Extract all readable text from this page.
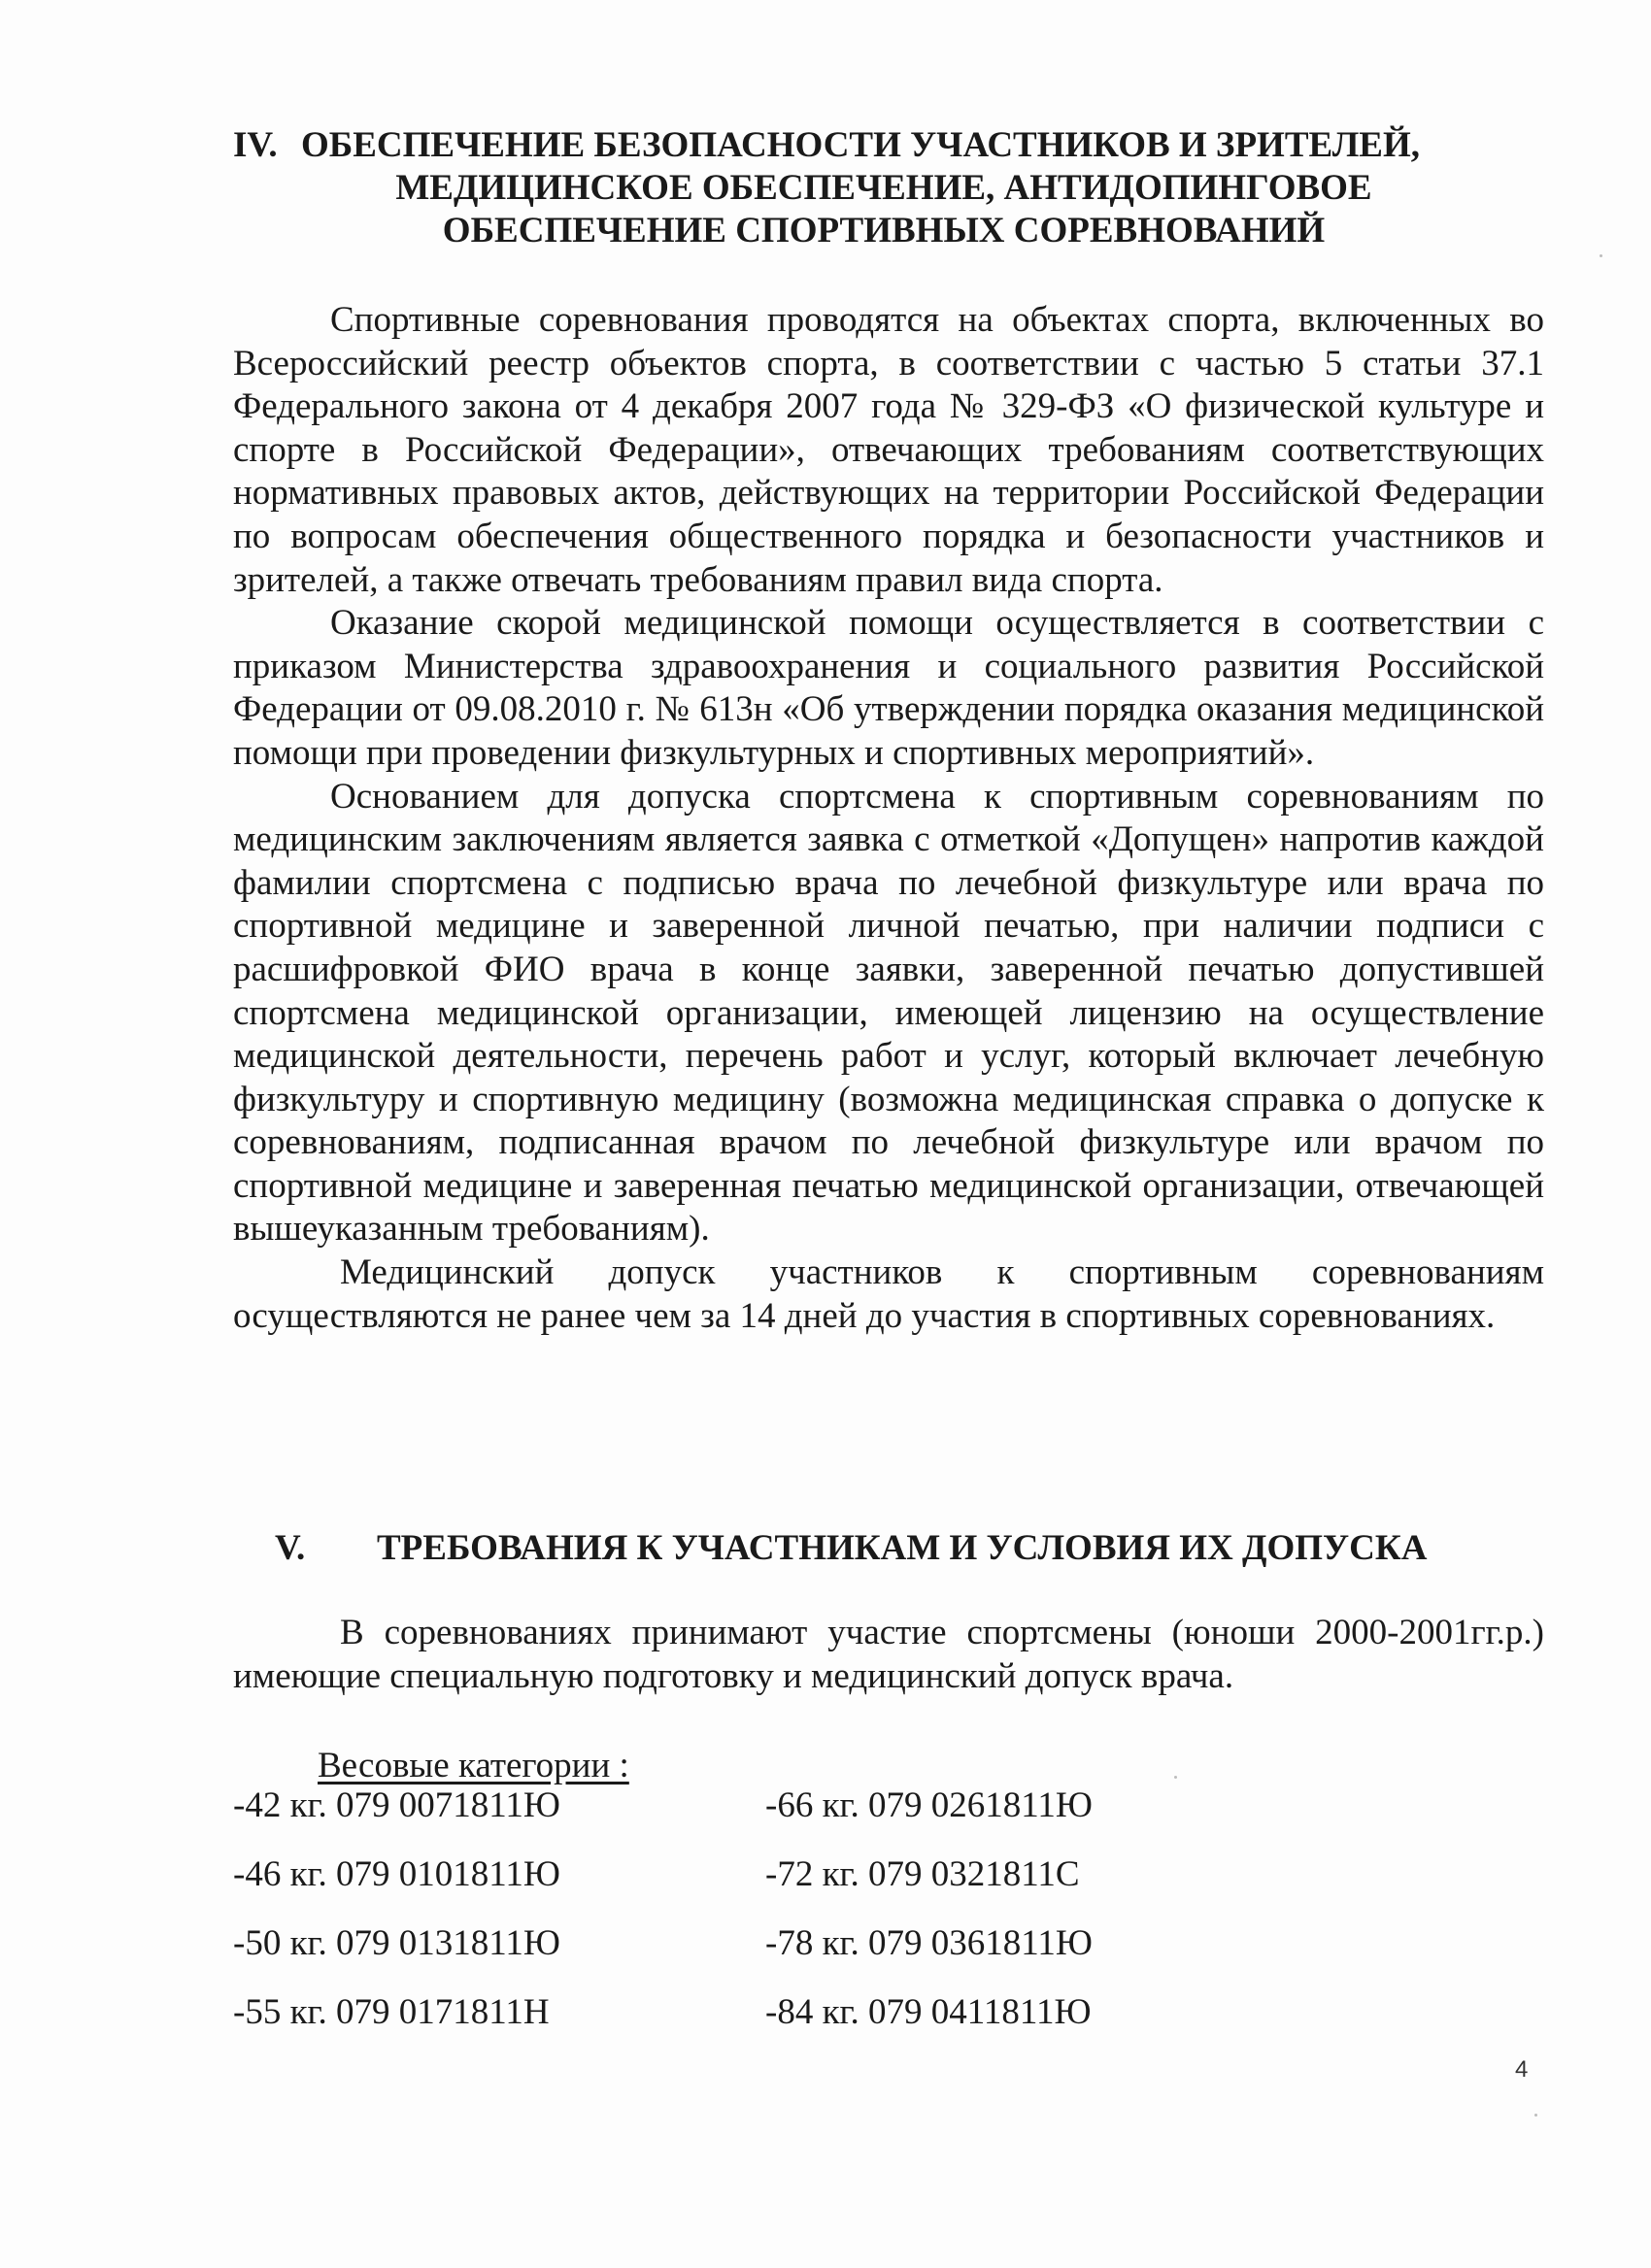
IV. ОБЕСПЕЧЕНИЕ БЕЗОПАСНОСТИ УЧАСТНИКОВ И ЗРИТЕЛЕЙ,
МЕДИЦИНСКОЕ ОБЕСПЕЧЕНИЕ, АНТИДОПИНГОВОЕ
ОБЕСПЕЧЕНИЕ СПОРТИВНЫХ СОРЕВНОВАНИЙ

Спортивные соревнования проводятся на объектах спорта, включенных во Всероссийский реестр объектов спорта, в соответствии с частью 5 статьи 37.1 Федерального закона от 4 декабря 2007 года № 329-ФЗ «О физической культуре и спорте в Российской Федерации», отвечающих требованиям соответствующих нормативных правовых актов, действующих на территории Российской Федерации по вопросам обеспечения общественного порядка и безопасности участников и зрителей, а также отвечать требованиям правил вида спорта.

Оказание скорой медицинской помощи осуществляется в соответствии с приказом Министерства здравоохранения и социального развития Российской Федерации от 09.08.2010 г. № 613н «Об утверждении порядка оказания медицинской помощи при проведении физкультурных и спортивных мероприятий».

Основанием для допуска спортсмена к спортивным соревнованиям по медицинским заключениям является заявка с отметкой «Допущен» напротив каждой фамилии спортсмена с подписью врача по лечебной физкультуре или врача по спортивной медицине и заверенной личной печатью, при наличии подписи с расшифровкой ФИО врача в конце заявки, заверенной печатью допустившей спортсмена медицинской организации, имеющей лицензию на осуществление медицинской деятельности, перечень работ и услуг, который включает лечебную физкультуру и спортивную медицину (возможна медицинская справка о допуске к соревнованиям, подписанная врачом по лечебной физкультуре или врачом по спортивной медицине и заверенная печатью медицинской организации, отвечающей вышеуказанным требованиям).

Медицинский допуск участников к спортивным соревнованиям осуществляются не ранее чем за 14 дней до участия в спортивных соревнованиях.

V.	ТРЕБОВАНИЯ К УЧАСТНИКАМ И УСЛОВИЯ ИХ ДОПУСКА

В соревнованиях принимают участие спортсмены (юноши 2000-2001гг.р.) имеющие специальную подготовку и медицинский допуск врача.

Весовые категории :
-42 кг. 079 0071811Ю	-66 кг. 079 0261811Ю
-46 кг. 079 0101811Ю	-72 кг. 079 0321811С
-50 кг. 079 0131811Ю	-78 кг. 079 0361811Ю
-55 кг. 079 0171811Н	-84 кг. 079 0411811Ю
4
